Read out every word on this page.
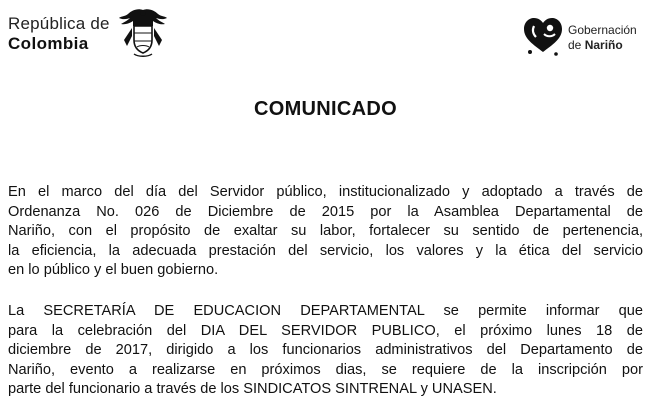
República de
Colombia
Gobernación
de Nariño
COMUNICADO
En el marco del día del Servidor público, institucionalizado y adoptado a través de
Ordenanza No. 026 de Diciembre de 2015 por la Asamblea Departamental de
Nariño, con el propósito de exaltar su labor, fortalecer su sentido de pertenencia,
la eficiencia, la adecuada prestación del servicio, los valores y la ética del servicio
en lo público y el buen gobierno.
La SECRETARÍA DE EDUCACION DEPARTAMENTAL se permite informar que
para la celebración del DIA DEL SERVIDOR PUBLICO, el próximo lunes 18 de
diciembre de 2017, dirigido a los funcionarios administrativos del Departamento de
Nariño, evento a realizarse en próximos dias, se requiere de la inscripción por
parte del funcionario a través de los SINDICATOS SINTRENAL y UNASEN.
